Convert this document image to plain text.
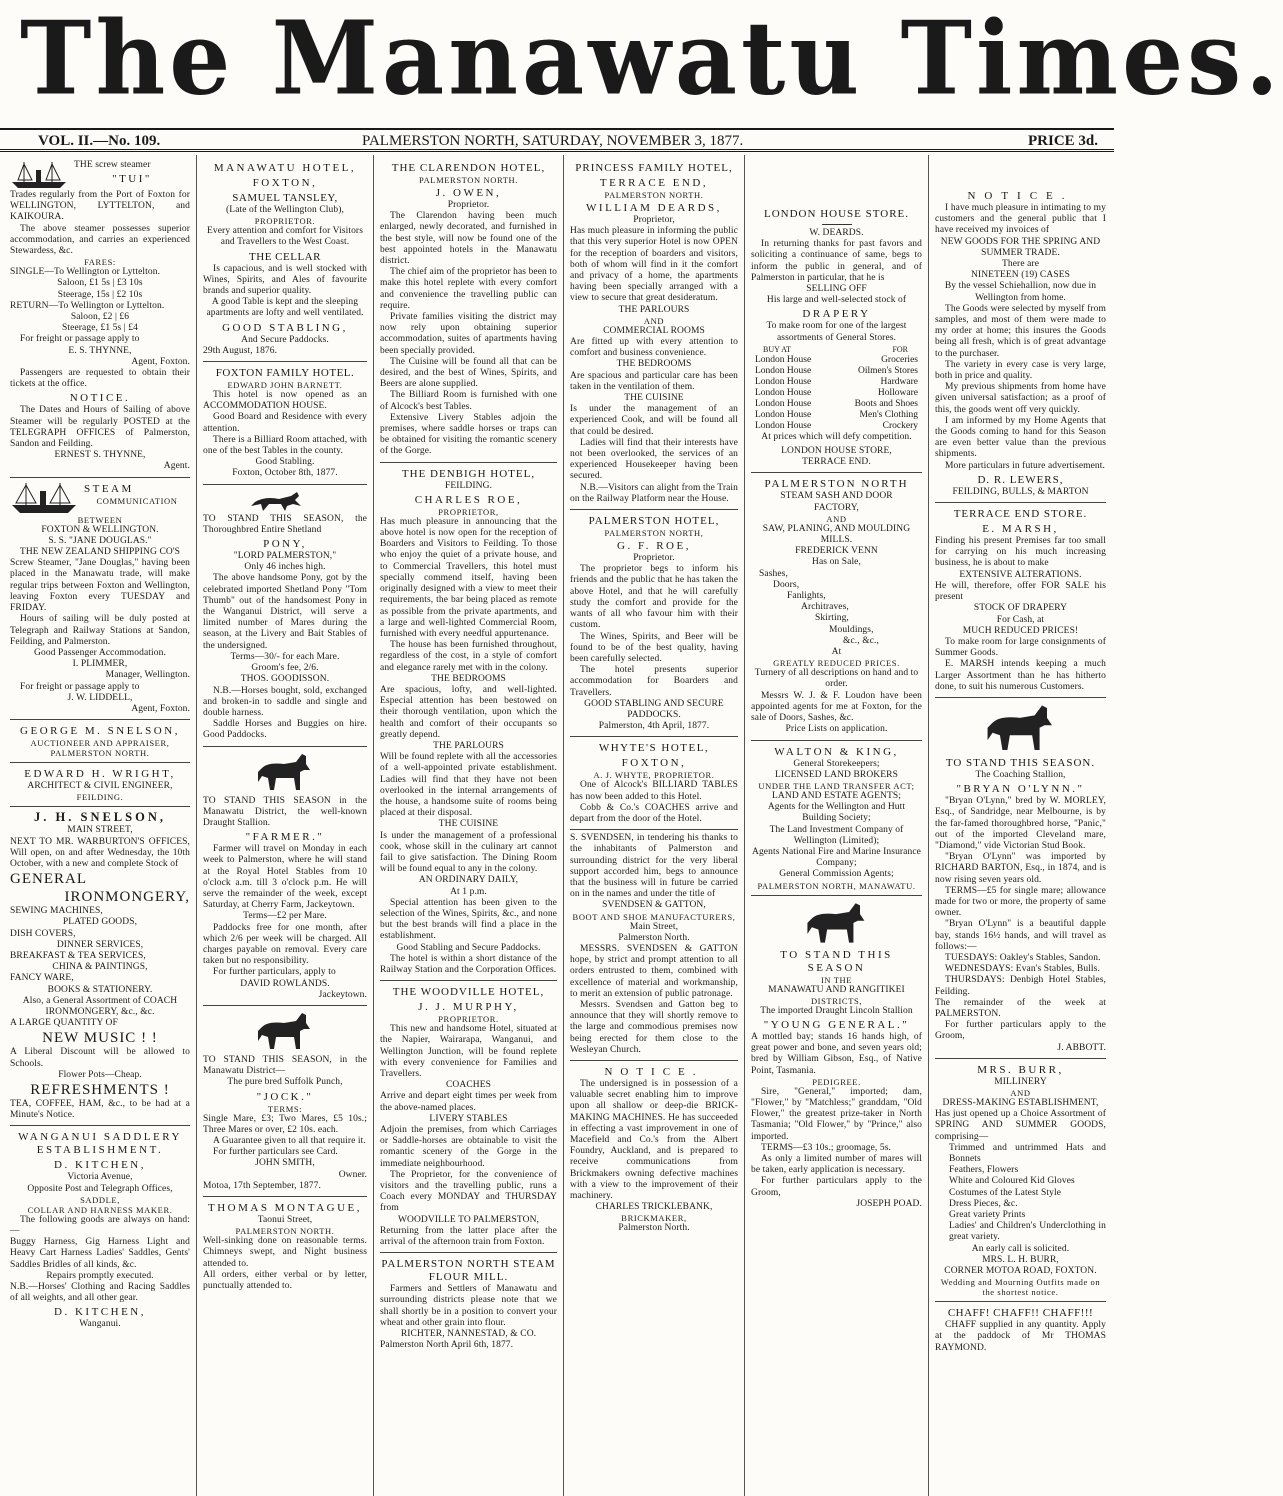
The Manawatu Times.
VOL. II.—No. 109.	PALMERSTON NORTH, SATURDAY, NOVEMBER 3, 1877.	PRICE 3d.
THE screw steamer
"TUI"
Trades regularly from the Port of Foxton for WELLINGTON, LYTTELTON, and KAIKOURA.
The above steamer possesses superior accommodation, and carries an experienced Stewardess, &c.
FARES:
SINGLE—To Wellington or Lyttelton.
Saloon, £1 5s | £3 10s
Steerage, 15s | £2 10s
RETURN—To Wellington or Lyttelton.
Saloon, £2 | £6
Steerage, £1 5s | £4
For freight or passage apply to
E. S. THYNNE,
Agent, Foxton.
Passengers are requested to obtain their tickets at the office.
NOTICE.
The Dates and Hours of Sailing of above Steamer will be regularly POSTED at the TELEGRAPH OFFICES of Palmerston, Sandon and Feilding.
ERNEST S. THYNNE,
Agent.
STEAM
COMMUNICATION
BETWEEN
FOXTON & WELLINGTON.
S. S. "JANE DOUGLAS."
THE NEW ZEALAND SHIPPING CO'S
Screw Steamer, "Jane Douglas," having been placed in the Manawatu trade, will make regular trips between Foxton and Wellington, leaving Foxton every TUESDAY and FRIDAY.
Hours of sailing will be duly posted at Telegraph and Railway Stations at Sandon, Feilding, and Palmerston.
Good Passenger Accommodation.
I. PLIMMER,
Manager, Wellington.
For freight or passage apply to
J. W. LIDDELL,
Agent, Foxton.
GEORGE M. SNELSON,
AUCTIONEER AND APPRAISER,
PALMERSTON NORTH.
EDWARD H. WRIGHT,
ARCHITECT & CIVIL ENGINEER,
FEILDING.
J. H. SNELSON,
MAIN STREET,
NEXT TO MR. WARBURTON'S OFFICES, Will open, on and after Wednesday, the 10th October, with a new and complete Stock of
GENERAL
IRONMONGERY,
SEWING MACHINES,
PLATED GOODS,
DISH COVERS,
DINNER SERVICES,
BREAKFAST & TEA SERVICES,
CHINA & PAINTINGS,
FANCY WARE,
BOOKS & STATIONERY.
Also, a General Assortment of COACH IRONMONGERY, &c., &c.
A LARGE QUANTITY OF
NEW MUSIC ! !
A Liberal Discount will be allowed to Schools.
Flower Pots—Cheap.
REFRESHMENTS !
TEA, COFFEE, HAM, &c., to be had at a Minute's Notice.
WANGANUI SADDLERY ESTABLISHMENT.
D. KITCHEN,
Victoria Avenue,
Opposite Post and Telegraph Offices,
SADDLE,
COLLAR AND HARNESS MAKER.
The following goods are always on hand:—
Buggy Harness, Gig Harness Light and Heavy Cart Harness Ladies' Saddles, Gents' Saddles Bridles of all kinds, &c.
Repairs promptly executed.
N.B.—Horses' Clothing and Racing Saddles of all weights, and all other gear.
D. KITCHEN,
Wanganui.
MANAWATU HOTEL,
FOXTON,
SAMUEL TANSLEY,
(Late of the Wellington Club),
PROPRIETOR.
Every attention and comfort for Visitors and Travellers to the West Coast.
THE CELLAR
Is capacious, and is well stocked with Wines, Spirits, and Ales of favourite brands and superior quality.
A good Table is kept and the sleeping apartments are lofty and well ventilated.
GOOD STABLING,
And Secure Paddocks.
29th August, 1876.
FOXTON FAMILY HOTEL.
EDWARD JOHN BARNETT.
This hotel is now opened as an ACCOMMODATION HOUSE.
Good Board and Residence with every attention.
There is a Billiard Room attached, with one of the best Tables in the county.
Good Stabling.
Foxton, October 8th, 1877.
TO STAND THIS SEASON, the Thoroughbred Entire Shetland
PONY,
"LORD PALMERSTON,"
Only 46 inches high.
The above handsome Pony, got by the celebrated imported Shetland Pony "Tom Thumb" out of the handsomest Pony in the Wanganui District, will serve a limited number of Mares during the season, at the Livery and Bait Stables of the undersigned.
Terms—30/- for each Mare.
Groom's fee, 2/6.
THOS. GOODISSON.
N.B.—Horses bought, sold, exchanged and broken-in to saddle and single and double harness.
Saddle Horses and Buggies on hire. Good Paddocks.
TO STAND THIS SEASON in the Manawatu District, the well-known Draught Stallion.
"FARMER."
Farmer will travel on Monday in each week to Palmerston, where he will stand at the Royal Hotel Stables from 10 o'clock a.m. till 3 o'clock p.m. He will serve the remainder of the week, except Saturday, at Cherry Farm, Jackeytown.
Terms—£2 per Mare.
Paddocks free for one month, after which 2/6 per week will be charged. All charges payable on removal. Every care taken but no responsibility.
For further particulars, apply to
DAVID ROWLANDS.
Jackeytown.
TO STAND THIS SEASON, in the Manawatu District—
The pure bred Suffolk Punch,
"JOCK."
TERMS:
Single Mare, £3; Two Mares, £5 10s.; Three Mares or over, £2 10s. each.
A Guarantee given to all that require it.
For further particulars see Card.
JOHN SMITH,
Owner.
Motoa, 17th September, 1877.
THOMAS MONTAGUE,
Taonui Street,
PALMERSTON NORTH.
Well-sinking done on reasonable terms. Chimneys swept, and Night business attended to.
All orders, either verbal or by letter, punctually attended to.
THE CLARENDON HOTEL,
PALMERSTON NORTH.
J. OWEN,
Proprietor.
The Clarendon having been much enlarged, newly decorated, and furnished in the best style, will now be found one of the best appointed hotels in the Manawatu district.
The chief aim of the proprietor has been to make this hotel replete with every comfort and convenience the travelling public can require.
Private families visiting the district may now rely upon obtaining superior accommodation, suites of apartments having been specially provided.
The Cuisine will be found all that can be desired, and the best of Wines, Spirits, and Beers are alone supplied.
The Billiard Room is furnished with one of Alcock's best Tables.
Extensive Livery Stables adjoin the premises, where saddle horses or traps can be obtained for visiting the romantic scenery of the Gorge.
THE DENBIGH HOTEL,
FEILDING.
CHARLES ROE,
PROPRIETOR,
Has much pleasure in announcing that the above hotel is now open for the reception of Boarders and Visitors to Feilding. To those who enjoy the quiet of a private house, and to Commercial Travellers, this hotel must specially commend itself, having been originally designed with a view to meet their requirements, the bar being placed as remote as possible from the private apartments, and a large and well-lighted Commercial Room, furnished with every needful appurtenance.
The house has been furnished throughout, regardless of the cost, in a style of comfort and elegance rarely met with in the colony.
THE BEDROOMS
Are spacious, lofty, and well-lighted. Especial attention has been bestowed on their thorough ventilation, upon which the health and comfort of their occupants so greatly depend.
THE PARLOURS
Will be found replete with all the accessories of a well-appointed private establishment. Ladies will find that they have not been overlooked in the internal arrangements of the house, a handsome suite of rooms being placed at their disposal.
THE CUISINE
Is under the management of a professional cook, whose skill in the culinary art cannot fail to give satisfaction. The Dining Room will be found equal to any in the colony.
AN ORDINARY DAILY,
At 1 p.m.
Special attention has been given to the selection of the Wines, Spirits, &c., and none but the best brands will find a place in the establishment.
Good Stabling and Secure Paddocks.
The hotel is within a short distance of the Railway Station and the Corporation Offices.
THE WOODVILLE HOTEL,
J. J. MURPHY,
PROPRIETOR.
This new and handsome Hotel, situated at the Napier, Wairarapa, Wanganui, and Wellington Junction, will be found replete with every convenience for Families and Travellers.
COACHES
Arrive and depart eight times per week from the above-named places.
LIVERY STABLES
Adjoin the premises, from which Carriages or Saddle-horses are obtainable to visit the romantic scenery of the Gorge in the immediate neighbourhood.
The Proprietor, for the convenience of visitors and the travelling public, runs a Coach every MONDAY and THURSDAY from
WOODVILLE TO PALMERSTON,
Returning from the latter place after the arrival of the afternoon train from Foxton.
PALMERSTON NORTH STEAM FLOUR MILL.
Farmers and Settlers of Manawatu and surrounding districts please note that we shall shortly be in a position to convert your wheat and other grain into flour.
RICHTER, NANNESTAD, & CO.
Palmerston North April 6th, 1877.
PRINCESS FAMILY HOTEL,
TERRACE END,
PALMERSTON NORTH.
WILLIAM DEARDS,
Proprietor,
Has much pleasure in informing the public that this very superior Hotel is now OPEN for the reception of boarders and visitors, both of whom will find in it the comfort and privacy of a home, the apartments having been specially arranged with a view to secure that great desideratum.
THE PARLOURS
AND
COMMERCIAL ROOMS
Are fitted up with every attention to comfort and business convenience.
THE BEDROOMS
Are spacious and particular care has been taken in the ventilation of them.
THE CUISINE
Is under the management of an experienced Cook, and will be found all that could be desired.
Ladies will find that their interests have not been overlooked, the services of an experienced Housekeeper having been secured.
N.B.—Visitors can alight from the Train on the Railway Platform near the House.
PALMERSTON HOTEL,
PALMERSTON NORTH,
G. F. ROE,
Proprietor.
The proprietor begs to inform his friends and the public that he has taken the above Hotel, and that he will carefully study the comfort and provide for the wants of all who favour him with their custom.
The Wines, Spirits, and Beer will be found to be of the best quality, having been carefully selected.
The hotel presents superior accommodation for Boarders and Travellers.
GOOD STABLING AND SECURE PADDOCKS.
Palmerston, 4th April, 1877.
WHYTE'S HOTEL,
FOXTON,
A. J. WHYTE, PROPRIETOR.
One of Alcock's BILLIARD TABLES has now been added to this Hotel.
Cobb & Co.'s COACHES arrive and depart from the door of the Hotel.
S. SVENDSEN, in tendering his thanks to the inhabitants of Palmerston and surrounding district for the very liberal support accorded him, begs to announce that the business will in future be carried on in the names and under the title of
SVENDSEN & GATTON,
BOOT AND SHOE MANUFACTURERS,
Main Street,
Palmerston North.
MESSRS. SVENDSEN & GATTON hope, by strict and prompt attention to all orders entrusted to them, combined with excellence of material and workmanship, to merit an extension of public patronage.
Messrs. Svendsen and Gatton beg to announce that they will shortly remove to the large and commodious premises now being erected for them close to the Wesleyan Church.
NOTICE.
The undersigned is in possession of a valuable secret enabling him to improve upon all shallow or deep-die BRICK-MAKING MACHINES. He has succeeded in effecting a vast improvement in one of Macefield and Co.'s from the Albert Foundry, Auckland, and is prepared to receive communications from Brickmakers owning defective machines with a view to the improvement of their machinery.
CHARLES TRICKLEBANK,
BRICKMAKER,
Palmerston North.
LONDON HOUSE STORE.
W. DEARDS.
In returning thanks for past favors and soliciting a continuance of same, begs to inform the public in general, and of Palmerston in particular, that he is
SELLING OFF
His large and well-selected stock of
DRAPERY
To make room for one of the largest assortments of General Stores.
BUY AT	FOR
London House	Groceries
London House	Oilmen's Stores
London House	Hardware
London House	Holloware
London House	Boots and Shoes
London House	Men's Clothing
London House	Crockery
At prices which will defy competition.
LONDON HOUSE STORE,
TERRACE END.
PALMERSTON NORTH
STEAM SASH AND DOOR
FACTORY,
AND
SAW, PLANING, AND MOULDING
MILLS.
FREDERICK VENN
Has on Sale,
Sashes,
Doors,
Fanlights,
Architraves,
Skirting,
Mouldings,
&c., &c.,
At
GREATLY REDUCED PRICES.
Turnery of all descriptions on hand and to order.
Messrs W. J. & F. Loudon have been appointed agents for me at Foxton, for the sale of Doors, Sashes, &c.
Price Lists on application.
WALTON & KING,
General Storekeepers;
LICENSED LAND BROKERS
UNDER THE LAND TRANSFER ACT;
LAND AND ESTATE AGENTS;
Agents for the Wellington and Hutt Building Society;
The Land Investment Company of Wellington (Limited);
Agents National Fire and Marine Insurance Company;
General Commission Agents;
PALMERSTON NORTH, MANAWATU.
TO STAND THIS SEASON
IN THE
MANAWATU AND RANGITIKEI
DISTRICTS,
The imported Draught Lincoln Stallion
"YOUNG GENERAL."
A mottled bay; stands 16 hands high, of great power and bone, and seven years old; bred by William Gibson, Esq., of Native Point, Tasmania.
PEDIGREE.
Sire, "General," imported; dam, "Flower," by "Matchless;" granddam, "Old Flower," the greatest prize-taker in North Tasmania; "Old Flower," by "Prince," also imported.
TERMS—£3 10s.; groomage, 5s.
As only a limited number of mares will be taken, early application is necessary.
For further particulars apply to the Groom,
JOSEPH POAD.
NOTICE.
I have much pleasure in intimating to my customers and the general public that I have received my invoices of
NEW GOODS FOR THE SPRING AND SUMMER TRADE.
There are
NINETEEN (19) CASES
By the vessel Schiehallion, now due in Wellington from home.
The Goods were selected by myself from samples, and most of them were made to my order at home; this insures the Goods being all fresh, which is of great advantage to the purchaser.
The variety in every case is very large, both in price and quality.
My previous shipments from home have given universal satisfaction; as a proof of this, the goods went off very quickly.
I am informed by my Home Agents that the Goods coming to hand for this Season are even better value than the previous shipments.
More particulars in future advertisement.
D. R. LEWERS,
FEILDING, BULLS, & MARTON
TERRACE END STORE.
E. MARSH,
Finding his present Premises far too small for carrying on his much increasing business, he is about to make
EXTENSIVE ALTERATIONS.
He will, therefore, offer FOR SALE his present
STOCK OF DRAPERY
For Cash, at
MUCH REDUCED PRICES!
To make room for large consignments of Summer Goods.
E. MARSH intends keeping a much Larger Assortment than he has hitherto done, to suit his numerous Customers.
TO STAND THIS SEASON.
The Coaching Stallion,
"BRYAN O'LYNN."
"Bryan O'Lynn," bred by W. MORLEY, Esq., of Sandridge, near Melbourne, is by the far-famed thoroughbred horse, "Panic," out of the imported Cleveland mare, "Diamond," vide Victorian Stud Book.
"Bryan O'Lynn" was imported by RICHARD BARTON, Esq., in 1874, and is now rising seven years old.
TERMS—£5 for single mare; allowance made for two or more, the property of same owner.
"Bryan O'Lynn" is a beautiful dapple bay, stands 16½ hands, and will travel as follows:—
TUESDAYS: Oakley's Stables, Sandon.
WEDNESDAYS: Evan's Stables, Bulls.
THURSDAYS: Denbigh Hotel Stables, Feilding.
The remainder of the week at PALMERSTON.
For further particulars apply to the Groom,
J. ABBOTT.
MRS. BURR,
MILLINERY
AND
DRESS-MAKING ESTABLISHMENT,
Has just opened up a Choice Assortment of SPRING AND SUMMER GOODS, comprising—
Trimmed and untrimmed Hats and Bonnets
Feathers, Flowers
White and Coloured Kid Gloves
Costumes of the Latest Style
Dress Pieces, &c.
Great variety Prints
Ladies' and Children's Underclothing in great variety.
An early call is solicited.
MRS. L. H. BURR,
CORNER MOTOA ROAD, FOXTON.
Wedding and Mourning Outfits made on the shortest notice.
CHAFF! CHAFF!! CHAFF!!!
CHAFF supplied in any quantity. Apply at the paddock of Mr THOMAS RAYMOND.
